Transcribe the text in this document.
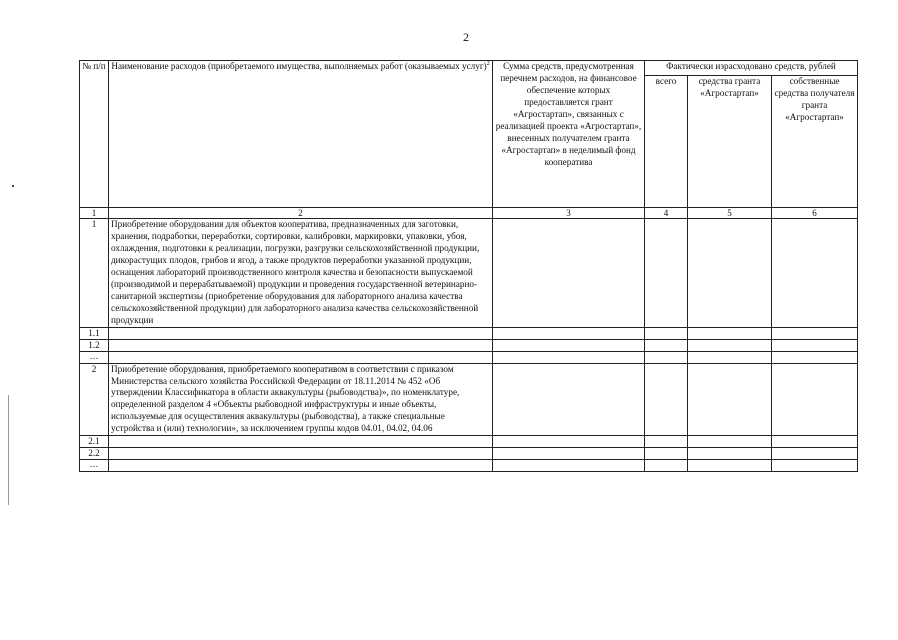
2
№ п/п	Наименование расходов (приобретаемого имущества, выполняемых работ (оказываемых услуг)$^2$	Сумма средств, предусмотренная перечнем расходов, на финансовое обеспечение которых предоставляется грант «Агростартап», связанных с реализацией проекта «Агростартап», внесенных получателем гранта «Агростартап» в неделимый фонд кооператива	Фактически израсходовано средств, рублей		
			всего	средства гранта «Агростартап»	собственные средства получателя гранта «Агростартап»
1	2	3	4	5	6
1	Приобретение оборудования для объектов кооператива, предназначенных для заготовки, хранения, подработки, переработки, сортировки, калибровки, маркировки, упаковки, убоя, охлаждения, подготовки к реализации, погрузки, разгрузки сельскохозяйственной продукции, дикорастущих плодов, грибов и ягод, а также продуктов переработки указанной продукции, оснащения лабораторий производственного контроля качества и безопасности выпускаемой (производимой и перерабатываемой) продукции и проведения государственной ветеринарно-санитарной экспертизы (приобретение оборудования для лабораторного анализа качества сельскохозяйственной продукции) для лабораторного анализа качества сельскохозяйственной продукции				
1.1					
1.2					
…					
2	Приобретение оборудования, приобретаемого кооперативом в соответствии с приказом Министерства сельского хозяйства Российской Федерации от 18.11.2014 № 452 «Об утверждении Классификатора в области аквакультуры (рыбоводства)», по номенклатуре, определенной разделом 4 «Объекты рыбоводной инфраструктуры и иные объекты, используемые для осуществления аквакультуры (рыбоводства), а также специальные устройства и (или) технологии», за исключением группы кодов 04.01, 04.02, 04.06				
2.1					
2.2					
…					
